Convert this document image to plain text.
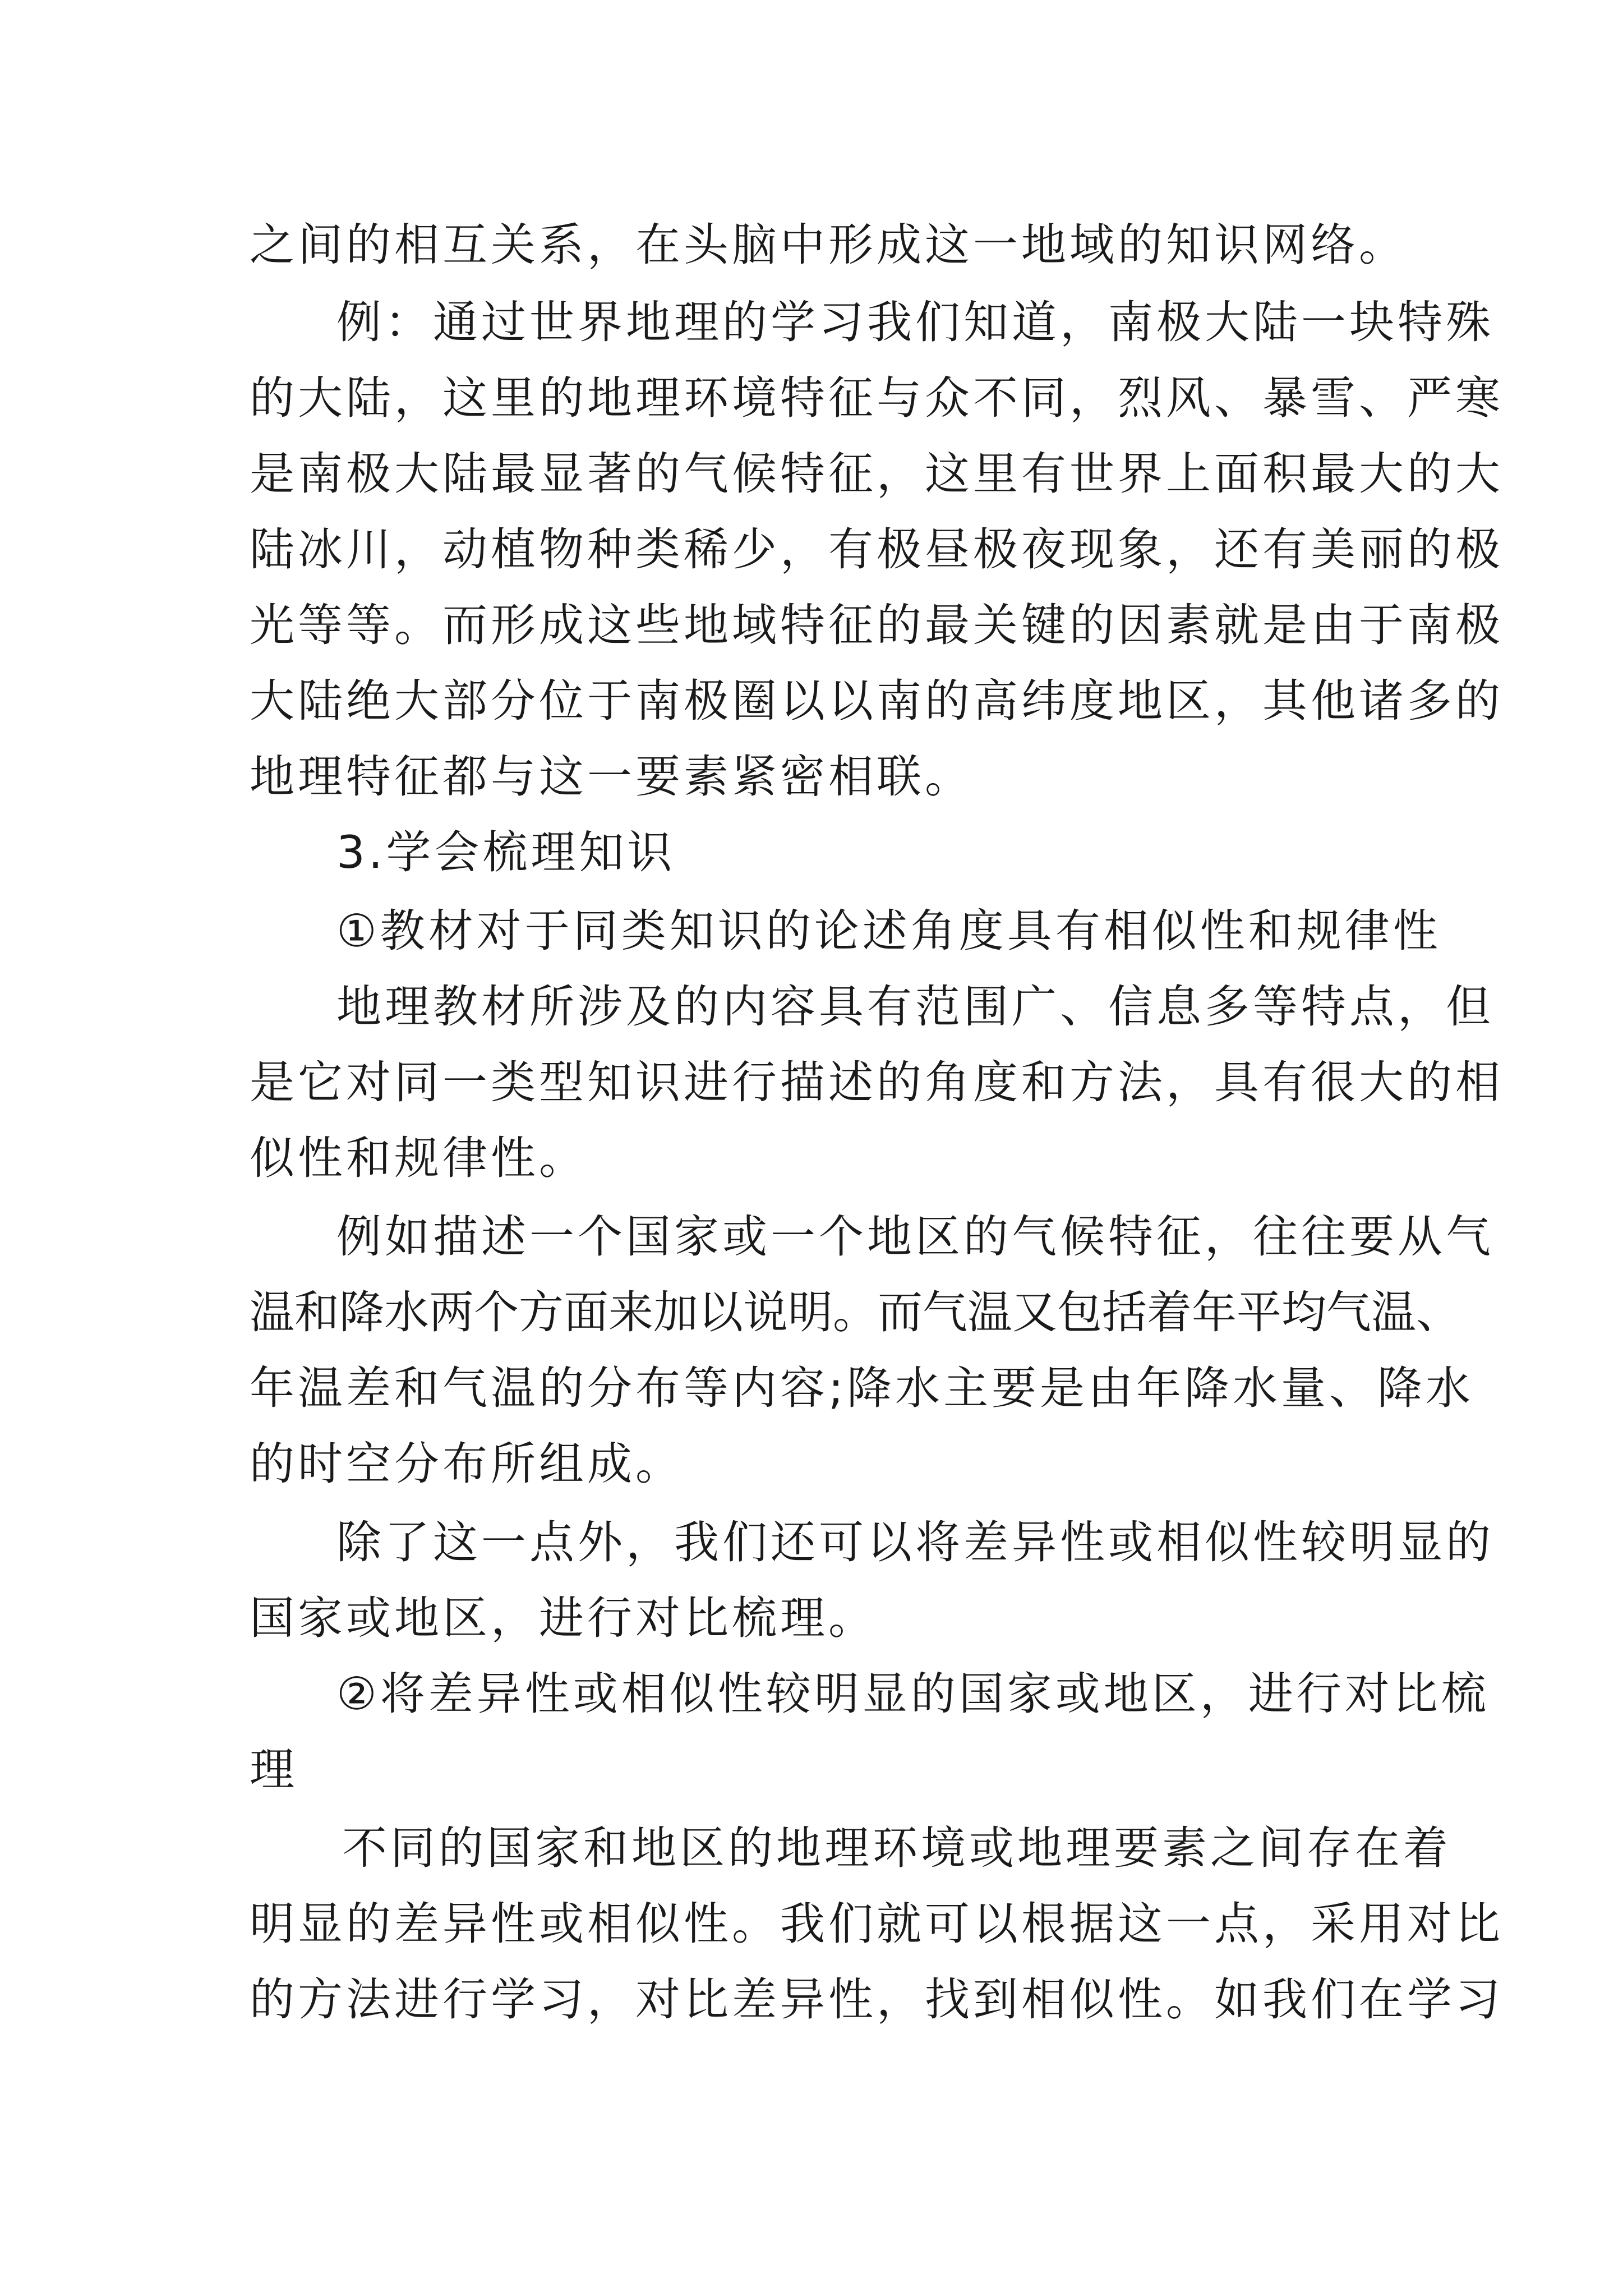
之间的相互关系，在头脑中形成这一地域的知识网络。
例：通过世界地理的学习我们知道，南极大陆一块特殊
的大陆，这里的地理环境特征与众不同，烈风、暴雪、严寒
是南极大陆最显著的气候特征，这里有世界上面积最大的大
陆冰川，动植物种类稀少，有极昼极夜现象，还有美丽的极
光等等。而形成这些地域特征的最关键的因素就是由于南极
大陆绝大部分位于南极圈以以南的高纬度地区，其他诸多的
地理特征都与这一要素紧密相联。
3.学会梳理知识
①教材对于同类知识的论述角度具有相似性和规律性
地理教材所涉及的内容具有范围广、信息多等特点，但
是它对同一类型知识进行描述的角度和方法，具有很大的相
似性和规律性。
例如描述一个国家或一个地区的气候特征，往往要从气
温和降水两个方面来加以说明。而气温又包括着年平均气温、
年温差和气温的分布等内容;降水主要是由年降水量、降水
的时空分布所组成。
除了这一点外，我们还可以将差异性或相似性较明显的
国家或地区，进行对比梳理。
②将差异性或相似性较明显的国家或地区，进行对比梳
理
不同的国家和地区的地理环境或地理要素之间存在着
明显的差异性或相似性。我们就可以根据这一点，采用对比
的方法进行学习，对比差异性，找到相似性。如我们在学习
